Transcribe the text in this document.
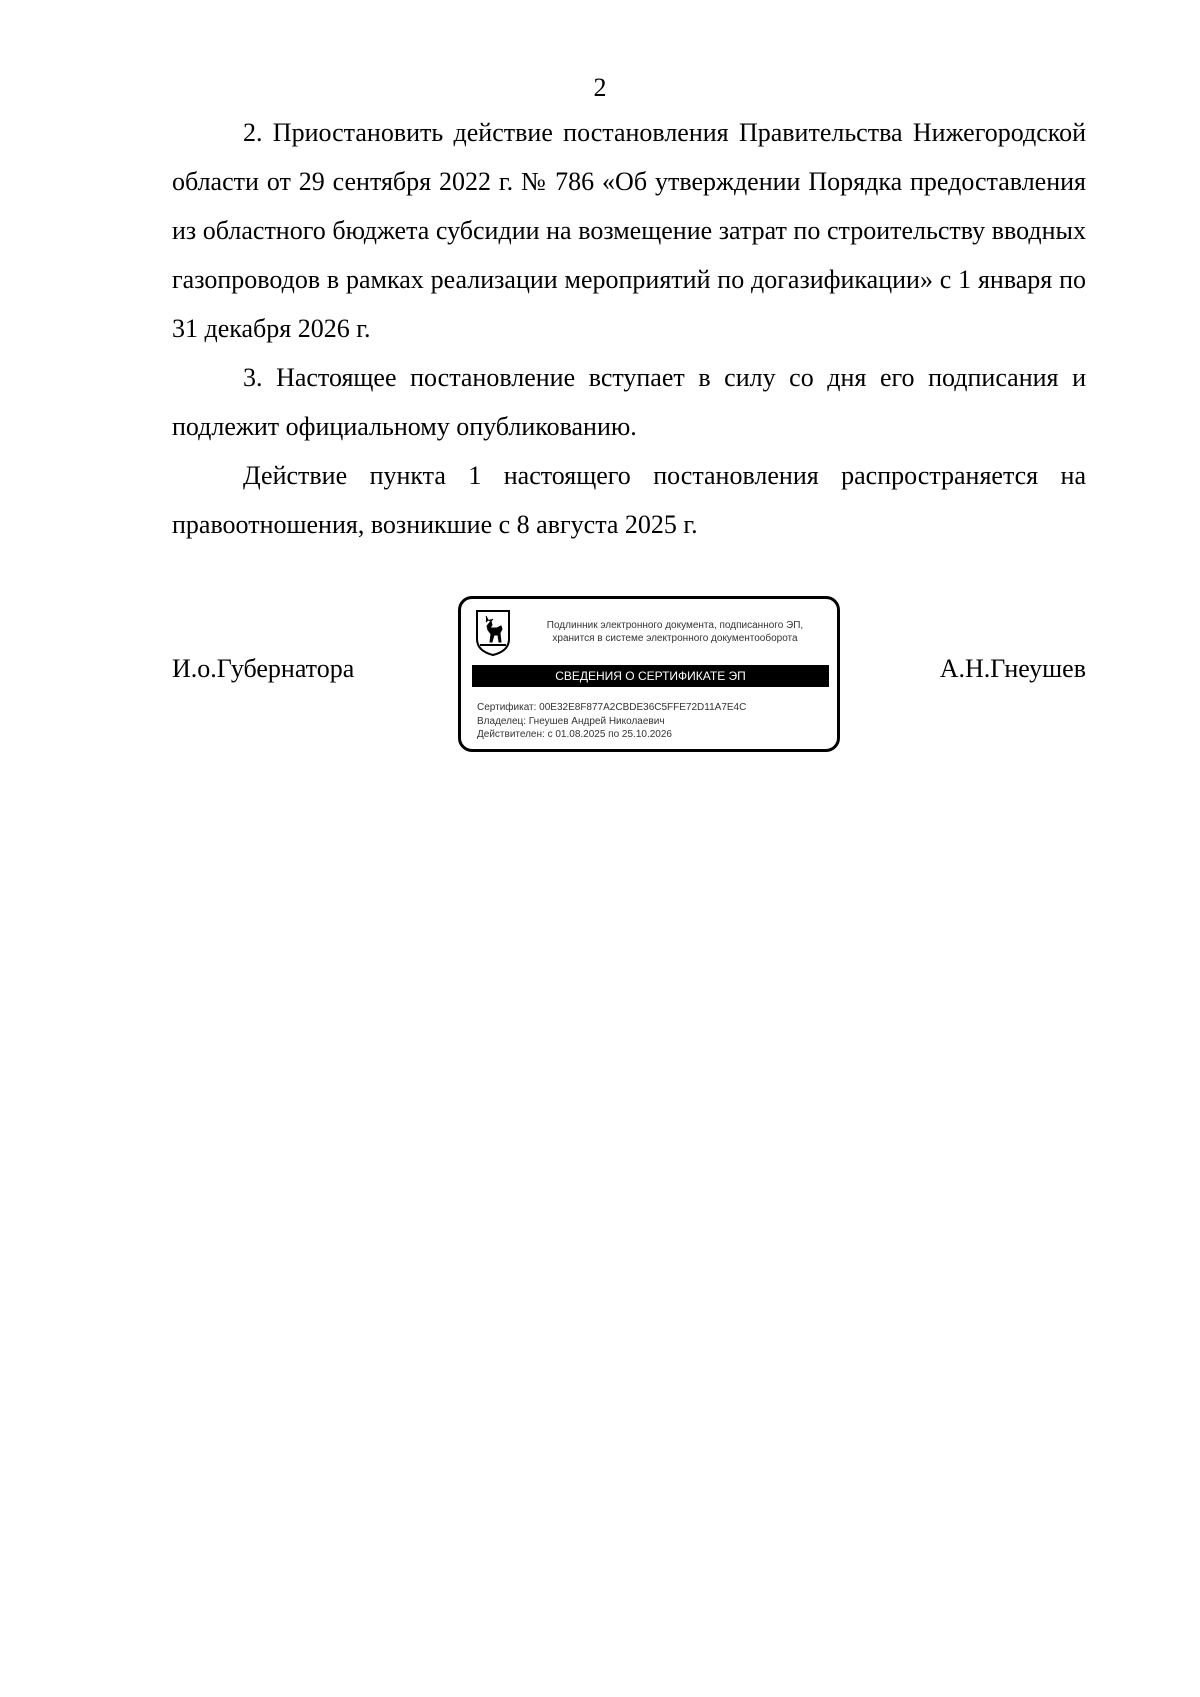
2

2. Приостановить действие постановления Правительства Нижегородской области от 29 сентября 2022 г. № 786 «Об утверждении Порядка предоставления из областного бюджета субсидии на возмещение затрат по строительству вводных газопроводов в рамках реализации мероприятий по догазификации» с 1 января по 31 декабря 2026 г.

3. Настоящее постановление вступает в силу со дня его подписания и подлежит официальному опубликованию.

Действие пункта 1 настоящего постановления распространяется на правоотношения, возникшие с 8 августа 2025 г.

И.о.Губернатора
Подлинник электронного документа, подписанного ЭП,
хранится в системе электронного документооборота
СВЕДЕНИЯ О СЕРТИФИКАТЕ ЭП
Сертификат: 00E32E8F877A2CBDE36C5FFE72D11A7E4C
Владелец: Гнеушев Андрей Николаевич
Действителен: с 01.08.2025 по 25.10.2026
А.Н.Гнеушев
